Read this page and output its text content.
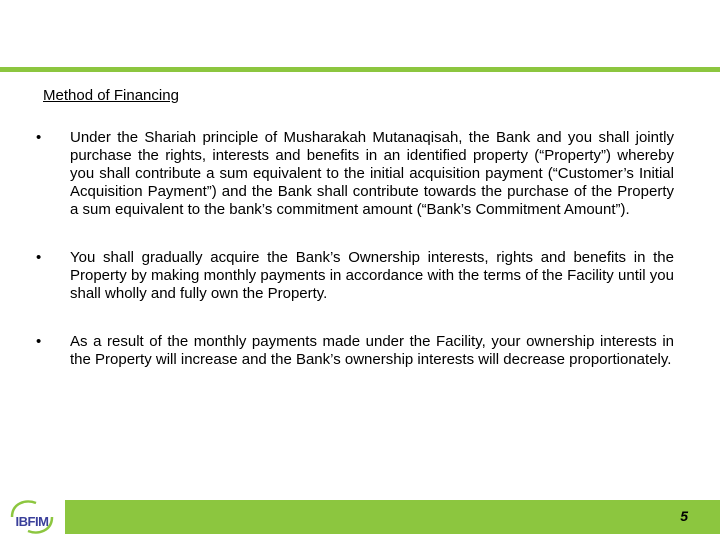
Method of Financing
•	Under the Shariah principle of Musharakah Mutanaqisah, the Bank and you shall jointly purchase the rights, interests and benefits in an identified property (“Property”) whereby you shall contribute a sum equivalent to the initial acquisition payment (“Customer’s Initial Acquisition Payment”) and the Bank shall contribute towards the purchase of the Property a sum equivalent to the bank’s commitment amount (“Bank’s Commitment Amount”).
•	You shall gradually acquire the Bank’s Ownership interests, rights and benefits in the Property by making monthly payments in accordance with the terms of the Facility until you shall wholly and fully own the Property.
•	As a result of the monthly payments made under the Facility, your ownership interests in the Property will increase and the Bank’s ownership interests will decrease proportionately.
IBFIM	5
